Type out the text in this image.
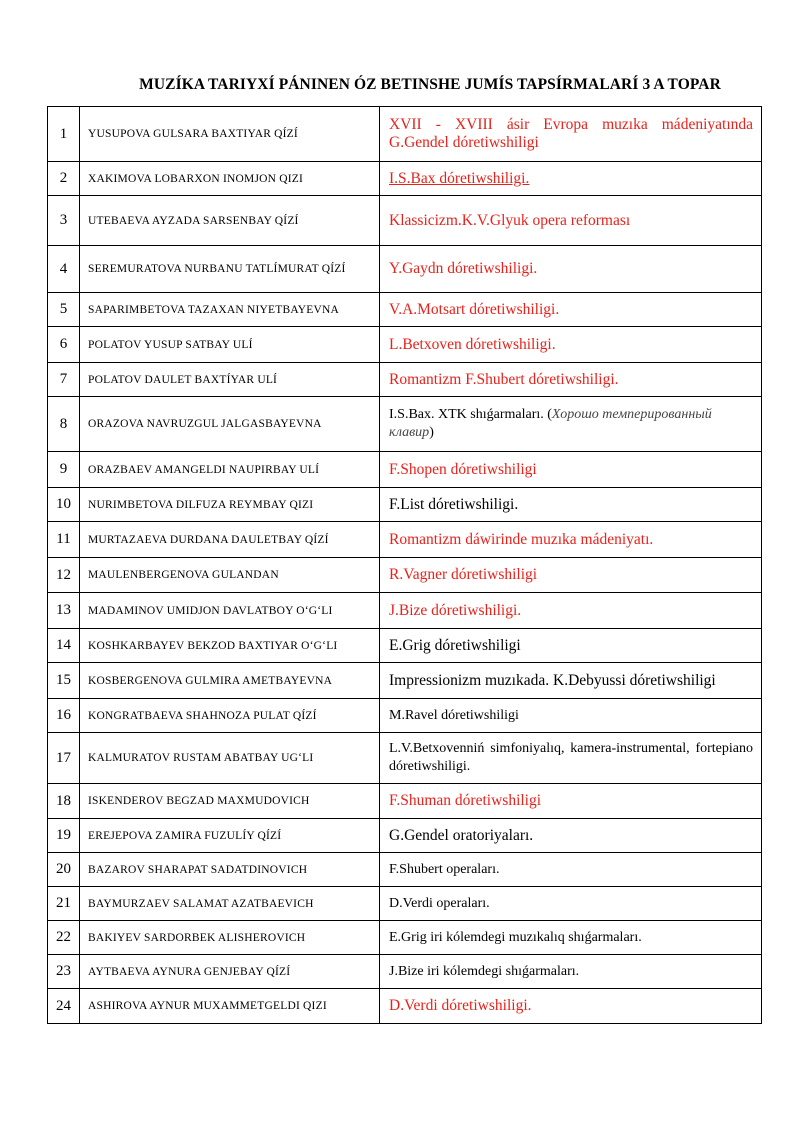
MUZÍKA TARIYXÍ PÁNINEN ÓZ BETINSHE JUMÍS TAPSÍRMALARÍ 3 A TOPAR
1	YUSUPOVA GULSARA BAXTIYAR QÍZÍ	XVII - XVIII ásir Evropa muzıka mádeniyatında G.Gendel dóretiwshiligi
2	XAKIMOVA LOBARXON INOMJON QIZI	I.S.Bax dóretiwshiligi.
3	UTEBAEVA AYZADA SARSENBAY QÍZÍ	Klassicizm.K.V.Glyuk opera reforması
4	SEREMURATOVA NURBANU TATLÍMURAT QÍZÍ	Y.Gaydn dóretiwshiligi.
5	SAPARIMBETOVA TAZAXAN NIYETBAYEVNA	V.A.Motsart dóretiwshiligi.
6	POLATOV YUSUP SATBAY ULÍ	L.Betxoven dóretiwshiligi.
7	POLATOV DAULET BAXTÍYAR ULÍ	Romantizm F.Shubert dóretiwshiligi.
8	ORAZOVA NAVRUZGUL JALGASBAYEVNA	I.S.Bax. XTK shıǵarmaları. (Хорошо темперированный клавир)
9	ORAZBAEV AMANGELDI NAUPIRBAY ULÍ	F.Shopen dóretiwshiligi
10	NURIMBETOVA DILFUZA REYMBAY QIZI	F.List dóretiwshiligi.
11	MURTAZAEVA DURDANA DAULETBAY QÍZÍ	Romantizm dáwirinde muzıka mádeniyatı.
12	MAULENBERGENOVA GULANDAN	R.Vagner dóretiwshiligi
13	MADAMINOV UMIDJON DAVLATBOY O‘G‘LI	J.Bize dóretiwshiligi.
14	KOSHKARBAYEV BEKZOD BAXTIYAR O‘G‘LI	E.Grig dóretiwshiligi
15	KOSBERGENOVA GULMIRA AMETBAYEVNA	Impressionizm muzıkada. K.Debyussi dóretiwshiligi
16	KONGRATBAEVA SHAHNOZA PULAT QÍZÍ	M.Ravel dóretiwshiligi
17	KALMURATOV RUSTAM ABATBAY UG‘LI	L.V.Betxovenniń simfoniyalıq, kamera-instrumental, fortepiano dóretiwshiligi.
18	ISKENDEROV BEGZAD MAXMUDOVICH	F.Shuman dóretiwshiligi
19	EREJEPOVA ZAMIRA FUZULÍY QÍZÍ	G.Gendel oratoriyaları.
20	BAZAROV SHARAPAT SADATDINOVICH	F.Shubert operaları.
21	BAYMURZAEV SALAMAT AZATBAEVICH	D.Verdi operaları.
22	BAKIYEV SARDORBEK ALISHEROVICH	E.Grig iri kólemdegi muzıkalıq shıǵarmaları.
23	AYTBAEVA AYNURA GENJEBAY QÍZÍ	J.Bize iri kólemdegi shıǵarmaları.
24	ASHIROVA AYNUR MUXAMMETGELDI QIZI	D.Verdi dóretiwshiligi.
